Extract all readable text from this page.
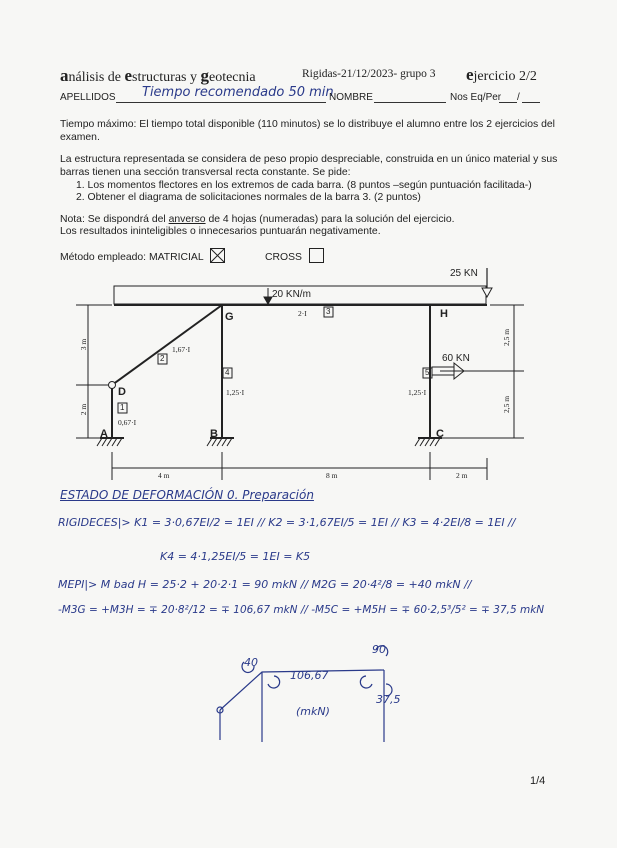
análisis de estructuras y geotecnia	Rigidas-21/12/2023- grupo 3 ejercicio 2/2
APELLIDOS Tiempo recomendado 50 min
NOMBRE	Nos Eq/Per /

Tiempo máximo: El tiempo total disponible (110 minutos) se lo distribuye el alumno entre los 2 ejercicios del examen.

La estructura representada se considera de peso propio despreciable, construida en un único material y sus barras tienen una sección transversal recta constante. Se pide:

1. Los momentos flectores en los extremos de cada barra. (8 puntos –según puntuación facilitada-)

2. Obtener el diagrama de solicitaciones normales de la barra 3. (2 puntos)

Nota: Se dispondrá del anverso de 4 hojas (numeradas) para la solución del ejercicio.

Los resultados ininteligibles o innecesarios puntuarán negativamente.

Método empleado: MATRICIAL	CROSS
25 KN
20 KN/m
60 KN
A	B	C
D
G	H
1
2
3
4	5
0,67·I
1,67·I
2·I
1,25·I	1,25·I
4 m	8 m	2 m
3 m
2 m
2,5 m
2,5 m
ESTADO DE DEFORMACIÓN 0. Preparación
RIGIDECES|> K1 = 3·0,67EI/2 = 1EI // K2 = 3·1,67EI/5 = 1EI // K3 = 4·2EI/8 = 1EI //
K4 = 4·1,25EI/5 = 1EI = K5
MEPI|> M bad H = 25·2 + 20·2·1 = 90 mkN // M2G = 20·4²/8 = +40 mkN //
-M3G = +M3H = ∓ 20·8²/12 = ∓ 106,67 mkN // -M5C = +M5H = ∓ 60·2,5³/5² = ∓ 37,5 mkN
40
90
106,67
37,5
(mkN)
1/4
